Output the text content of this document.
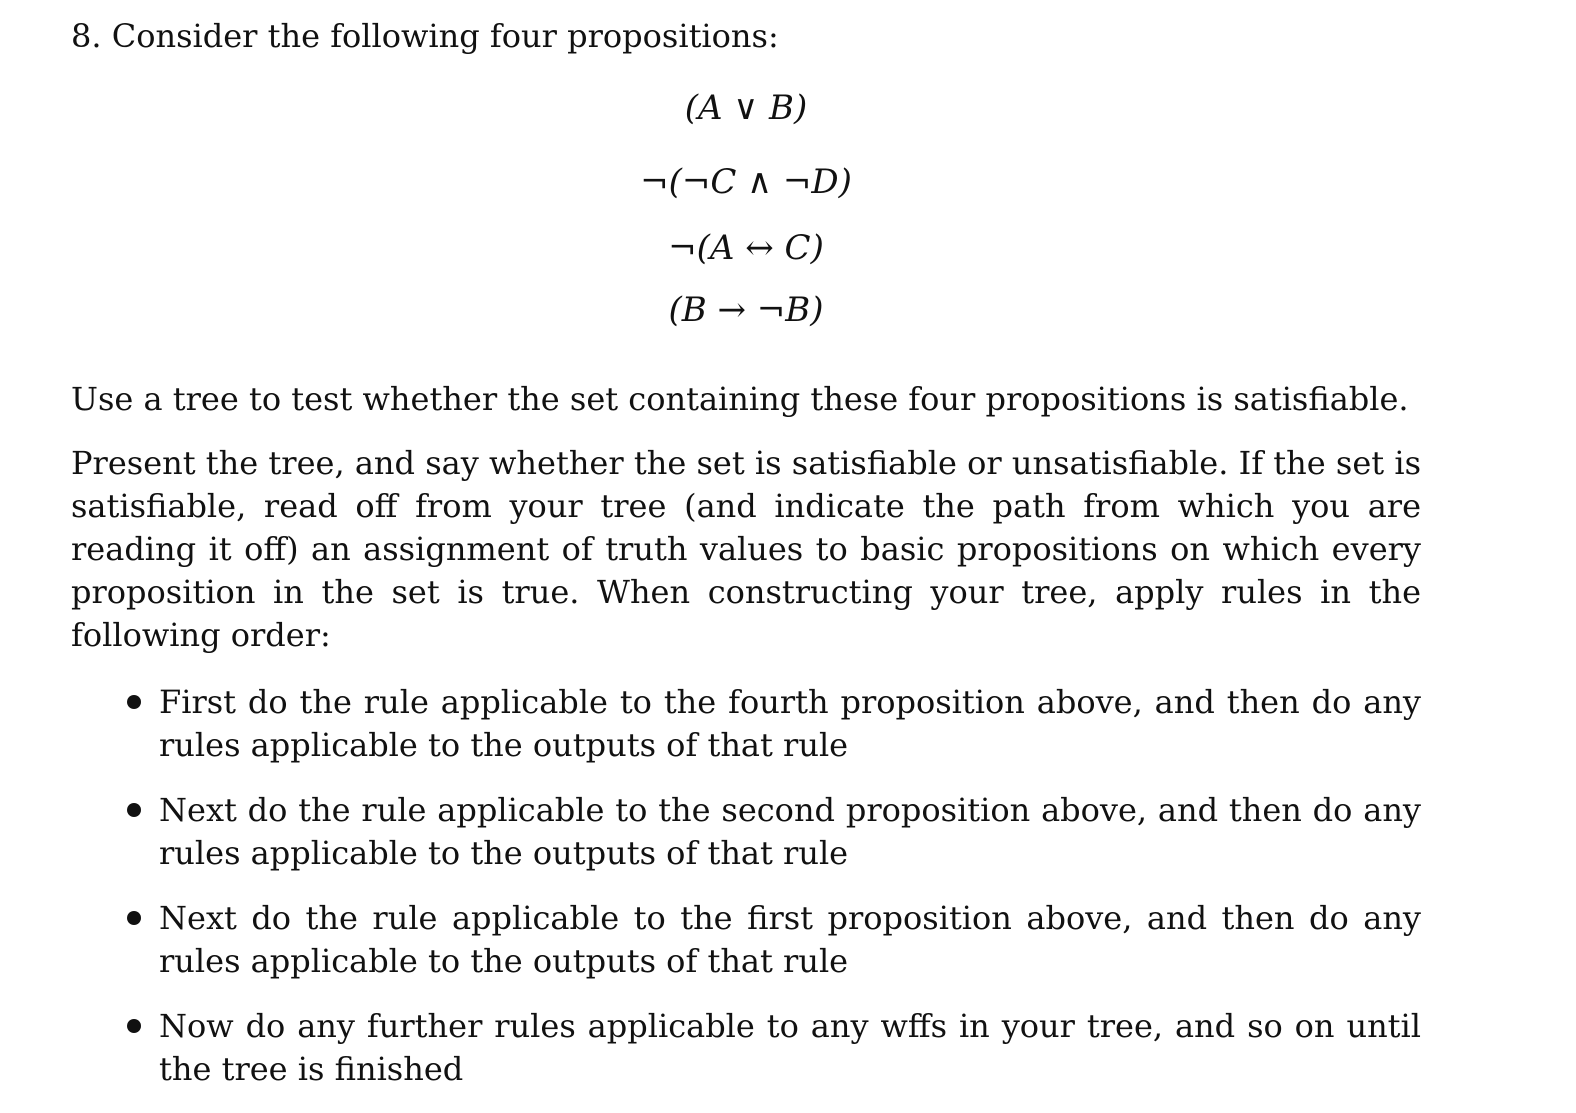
8. Consider the following four propositions:

(A ∨ B)
¬(¬C ∧ ¬D)
¬(A ↔ C)
(B → ¬B)

Use a tree to test whether the set containing these four propositions is satisfiable.

Present the tree, and say whether the set is satisfiable or unsatisfiable. If the set is satisfiable, read off from your tree (and indicate the path from which you are reading it off) an assignment of truth values to basic propositions on which every proposition in the set is true. When constructing your tree, apply rules in the following order:

First do the rule applicable to the fourth proposition above, and then do any rules applicable to the outputs of that rule
Next do the rule applicable to the second proposition above, and then do any rules applicable to the outputs of that rule
Next do the rule applicable to the first proposition above, and then do any rules applicable to the outputs of that rule
Now do any further rules applicable to any wffs in your tree, and so on until the tree is finished
